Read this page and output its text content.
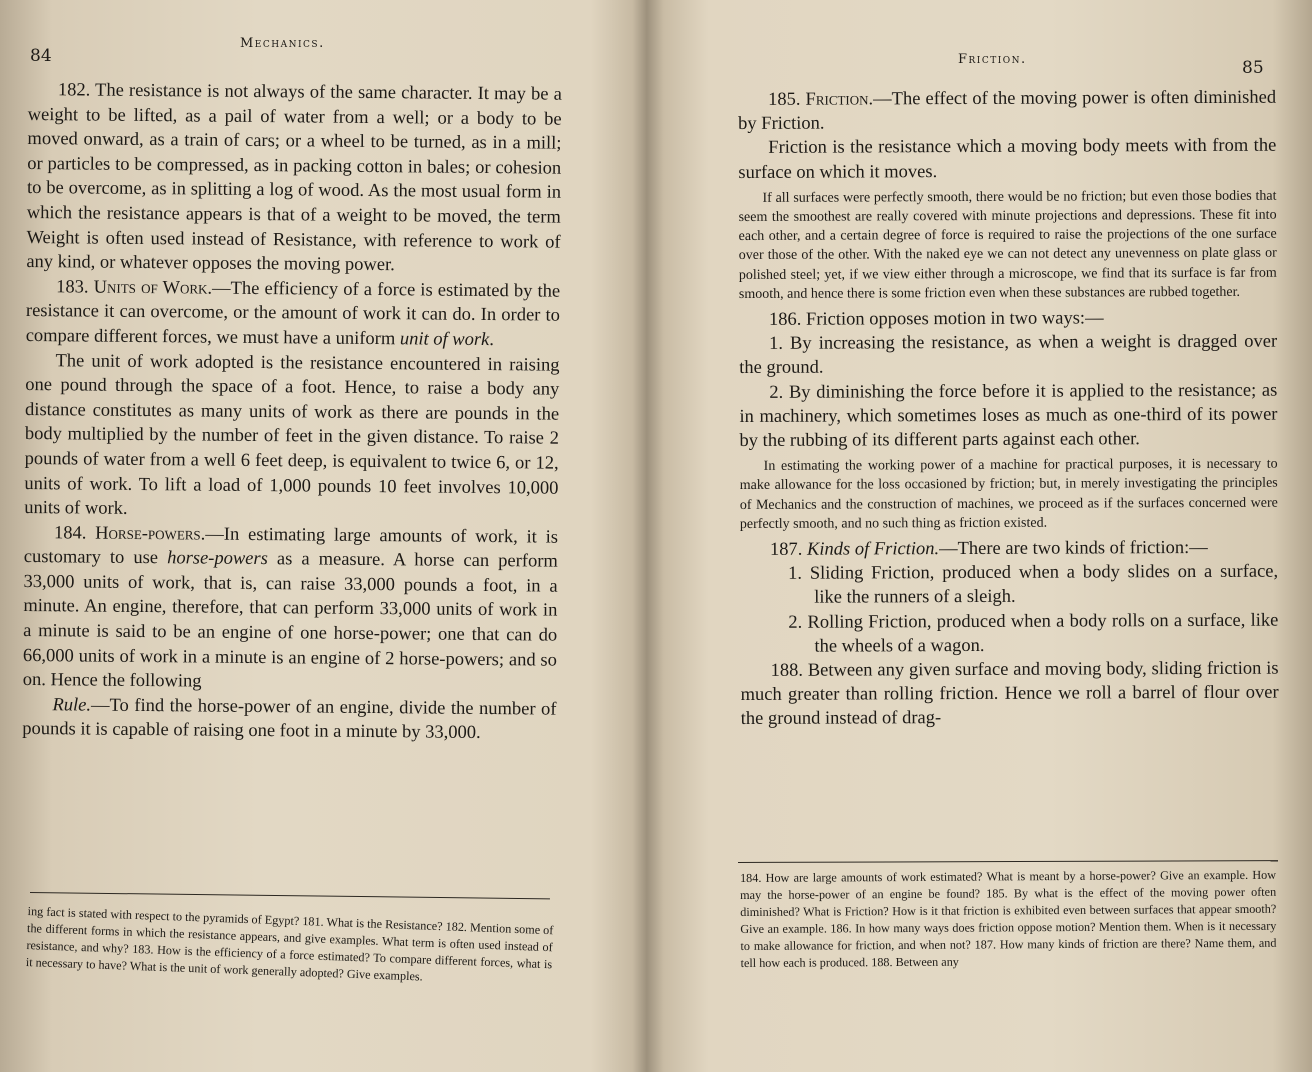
84
Mechanics.

182. The resistance is not always of the same character. It may be a weight to be lifted, as a pail of water from a well; or a body to be moved onward, as a train of cars; or a wheel to be turned, as in a mill; or particles to be compressed, as in packing cotton in bales; or cohesion to be overcome, as in splitting a log of wood. As the most usual form in which the resistance appears is that of a weight to be moved, the term Weight is often used instead of Resistance, with reference to work of any kind, or whatever opposes the moving power.

183. Units of Work.—The efficiency of a force is estimated by the resistance it can overcome, or the amount of work it can do. In order to compare different forces, we must have a uniform unit of work.

The unit of work adopted is the resistance encountered in raising one pound through the space of a foot. Hence, to raise a body any distance constitutes as many units of work as there are pounds in the body multiplied by the number of feet in the given distance. To raise 2 pounds of water from a well 6 feet deep, is equivalent to twice 6, or 12, units of work. To lift a load of 1,000 pounds 10 feet involves 10,000 units of work.

184. Horse-powers.—In estimating large amounts of work, it is customary to use horse-powers as a measure. A horse can perform 33,000 units of work, that is, can raise 33,000 pounds a foot, in a minute. An engine, therefore, that can perform 33,000 units of work in a minute is said to be an engine of one horse-power; one that can do 66,000 units of work in a minute is an engine of 2 horse-powers; and so on. Hence the following

Rule.—To find the horse-power of an engine, divide the number of pounds it is capable of raising one foot in a minute by 33,000.

ing fact is stated with respect to the pyramids of Egypt? 181. What is the Resistance? 182. Mention some of the different forms in which the resistance appears, and give examples. What term is often used instead of resistance, and why? 183. How is the efficiency of a force estimated? To compare different forces, what is it necessary to have? What is the unit of work generally adopted? Give examples.

Friction.	85

185. Friction.—The effect of the moving power is often diminished by Friction.

Friction is the resistance which a moving body meets with from the surface on which it moves.

If all surfaces were perfectly smooth, there would be no friction; but even those bodies that seem the smoothest are really covered with minute projections and depressions. These fit into each other, and a certain degree of force is required to raise the projections of the one surface over those of the other. With the naked eye we can not detect any unevenness on plate glass or polished steel; yet, if we view either through a microscope, we find that its surface is far from smooth, and hence there is some friction even when these substances are rubbed together.

186. Friction opposes motion in two ways:—

1. By increasing the resistance, as when a weight is dragged over the ground.

2. By diminishing the force before it is applied to the resistance; as in machinery, which sometimes loses as much as one-third of its power by the rubbing of its different parts against each other.

In estimating the working power of a machine for practical purposes, it is necessary to make allowance for the loss occasioned by friction; but, in merely investigating the principles of Mechanics and the construction of machines, we proceed as if the surfaces concerned were perfectly smooth, and no such thing as friction existed.

187. Kinds of Friction.—There are two kinds of friction:—

1. Sliding Friction, produced when a body slides on a surface, like the runners of a sleigh.

2. Rolling Friction, produced when a body rolls on a surface, like the wheels of a wagon.

188. Between any given surface and moving body, sliding friction is much greater than rolling friction. Hence we roll a barrel of flour over the ground instead of drag-

184. How are large amounts of work estimated? What is meant by a horse-power? Give an example. How may the horse-power of an engine be found? 185. By what is the effect of the moving power often diminished? What is Friction? How is it that friction is exhibited even between surfaces that appear smooth? Give an example. 186. In how many ways does friction oppose motion? Mention them. When is it necessary to make allowance for friction, and when not? 187. How many kinds of friction are there? Name them, and tell how each is produced. 188. Between any
